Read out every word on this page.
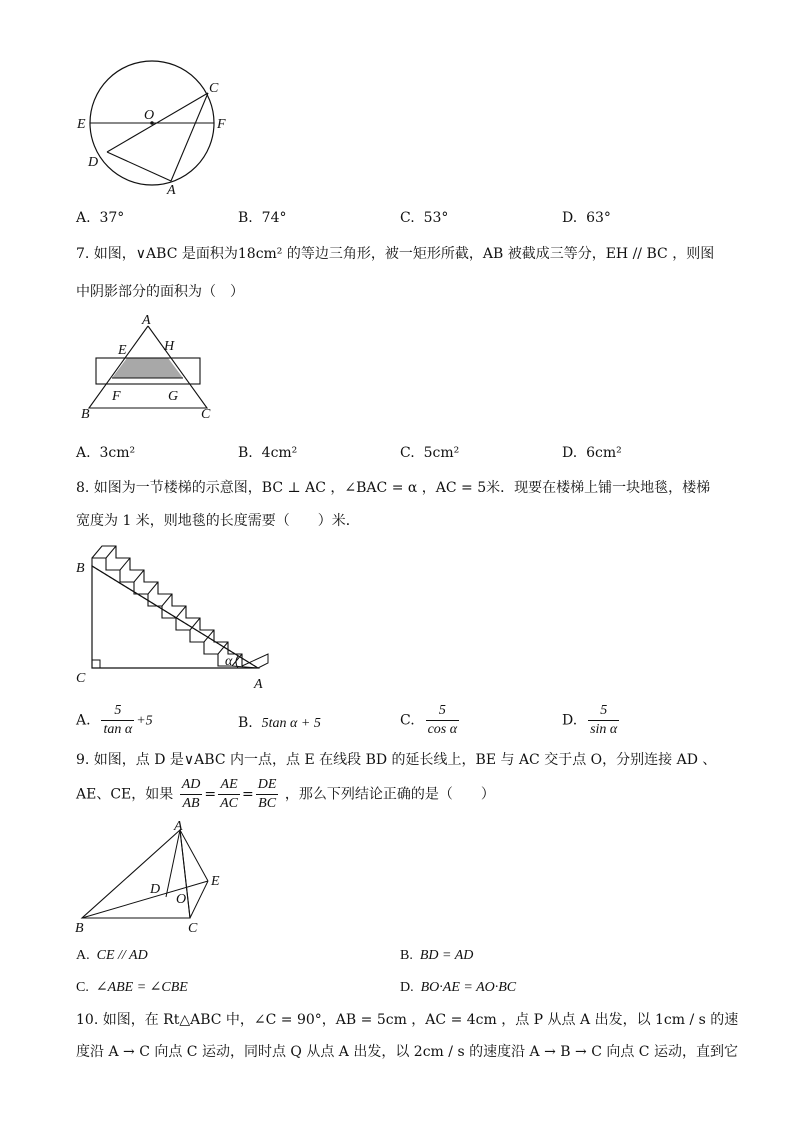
C
O
E	F
D
A
A. 37°	B. 74°	C. 53°	D. 63°
7. 如图，∨ABC 是面积为18cm² 的等边三角形，被一矩形所截，AB 被截成三等分，EH // BC ，则图
中阴影部分的面积为（　）
A
E	H
F	G
B	C
A. 3cm²	B. 4cm²	C. 5cm²	D. 6cm²
8. 如图为一节楼梯的示意图，BC ⊥ AC ，∠BAC = α ，AC = 5米．现要在楼梯上铺一块地毯，楼梯
宽度为 1 米，则地毯的长度需要（　　）米．
α
B
C	A
A. $\frac{5}{\text{tan α}} +5$	B. 5tan α + 5	C. $\frac{5}{\text{cos α}}$	D. $\frac{5}{\text{sin α}}$
9. 如图，点 D 是∨ABC 内一点，点 E 在线段 BD 的延长线上，BE 与 AC 交于点 O，分别连接 AD 、
AE、CE，如果 $\frac{AD}{AB} = \frac{AE}{AC} = \frac{DE}{BC}$ ，那么下列结论正确的是（　　）
A
D
E
O
B	C
A. CE // AD	B. BD = AD
C. ∠ABE = ∠CBE	D. BO·AE = AO·BC
10. 如图，在 Rt△ABC 中，∠C = 90°，AB = 5cm ，AC = 4cm ，点 P 从点 A 出发，以 1cm / s 的速
度沿 A → C 向点 C 运动，同时点 Q 从点 A 出发，以 2cm / s 的速度沿 A → B → C 向点 C 运动，直到它
